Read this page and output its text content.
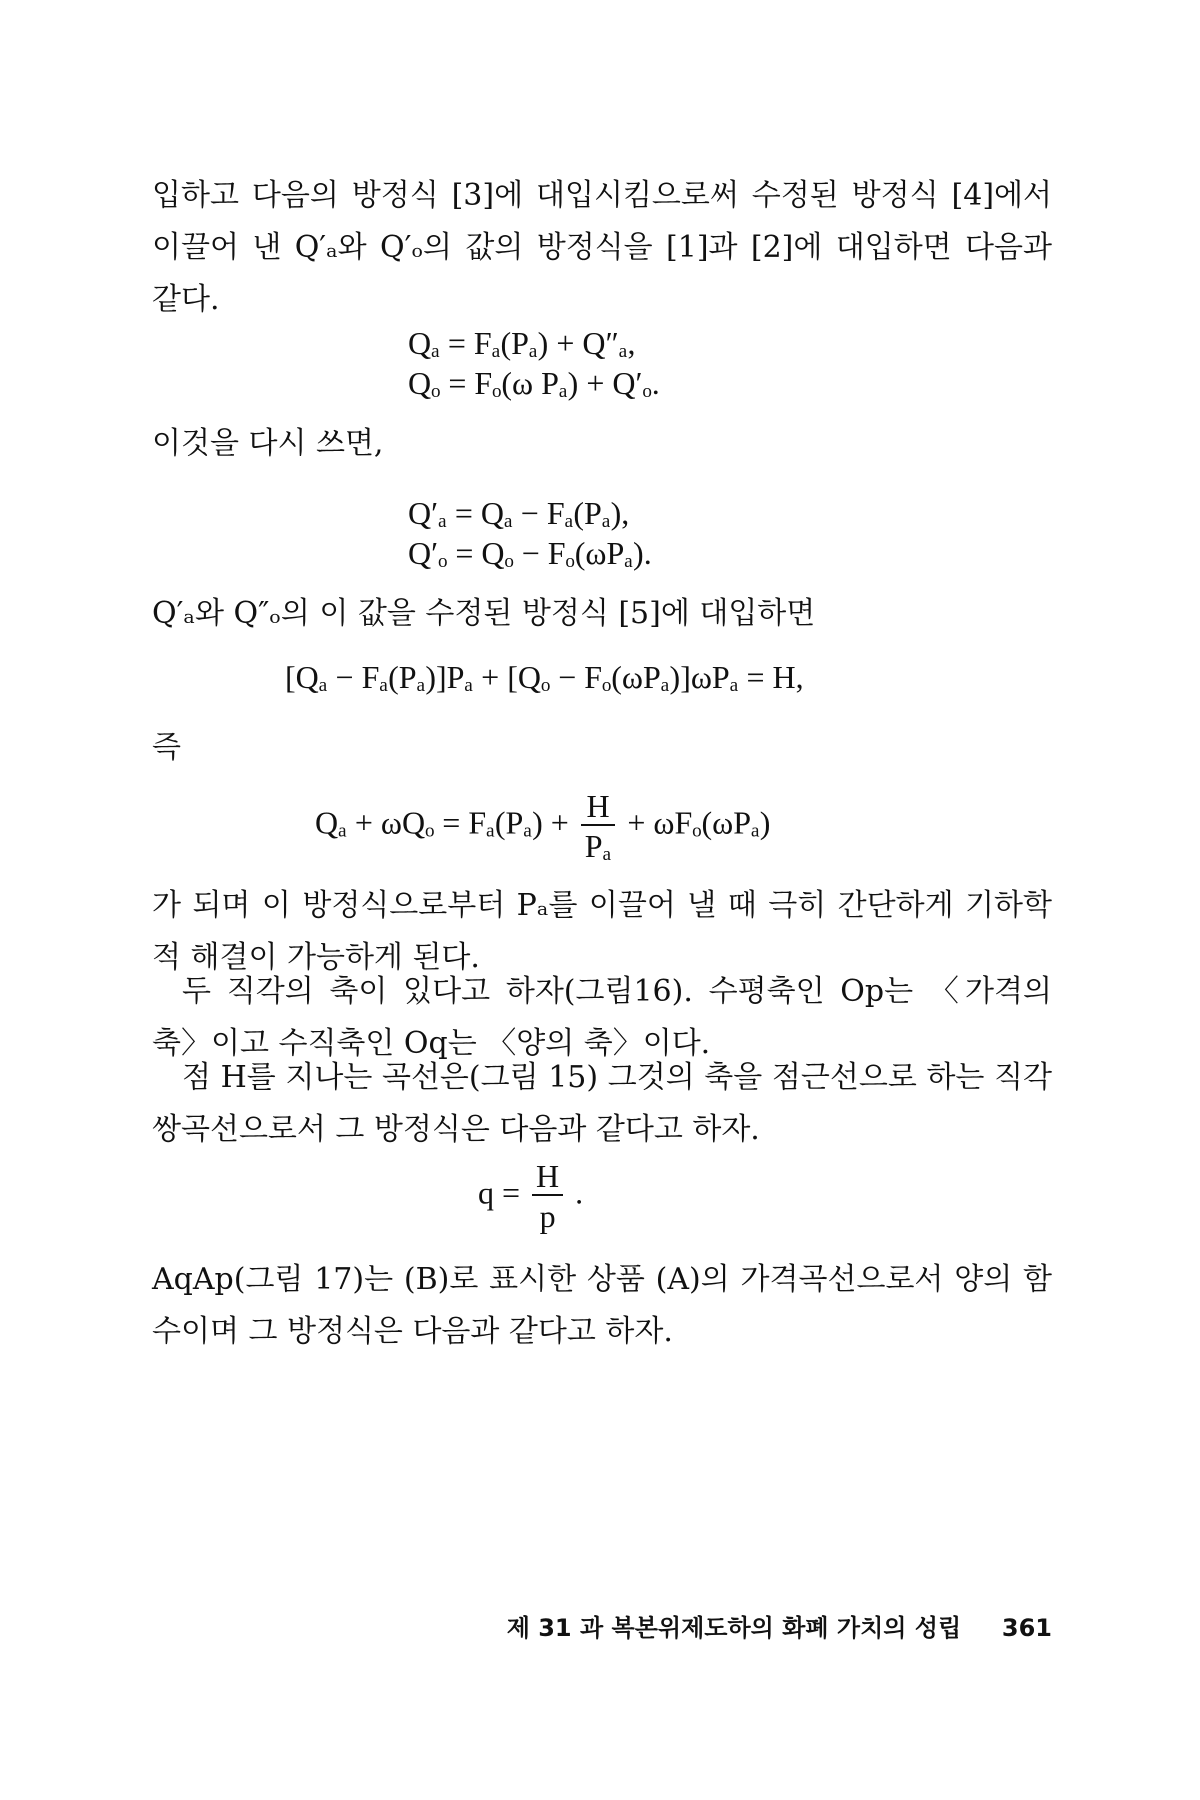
입하고 다음의 방정식 [3]에 대입시킴으로써 수정된 방정식 [4]에서 이끌어 낸 Q′ₐ와 Q′ₒ의 값의 방정식을 [1]과 [2]에 대입하면 다음과 같다.

Qₐ = Fₐ(Pₐ) + Q″ₐ,
Qₒ = Fₒ(ω Pₐ) + Q′ₒ.

이것을 다시 쓰면,

Q′ₐ = Qₐ − Fₐ(Pₐ),
Q′ₒ = Qₒ − Fₒ(ωPₐ).

Q′ₐ와 Q″ₒ의 이 값을 수정된 방정식 [5]에 대입하면

[Qₐ − Fₐ(Pₐ)]Pₐ + [Qₒ − Fₒ(ωPₐ)]ωPₐ = H,

즉

$Q_a + \omega Q_o = F_a(P_a) + \frac{H}{\text{Pₐ}} + \omega F_o(\omega P_a)$

가 되며 이 방정식으로부터 Pₐ를 이끌어 낼 때 극히 간단하게 기하학적 해결이 가능하게 된다.

두 직각의 축이 있다고 하자(그림16). 수평축인 Op는 〈가격의 축〉이고 수직축인 Oq는 〈양의 축〉이다.

점 H를 지나는 곡선은(그림 15) 그것의 축을 점근선으로 하는 직각 쌍곡선으로서 그 방정식은 다음과 같다고 하자.

$q = \frac{H}{p}$ .

AqAp(그림 17)는 (B)로 표시한 상품 (A)의 가격곡선으로서 양의 함수이며 그 방정식은 다음과 같다고 하자.

제 31 과 복본위제도하의 화폐 가치의 성립 361
